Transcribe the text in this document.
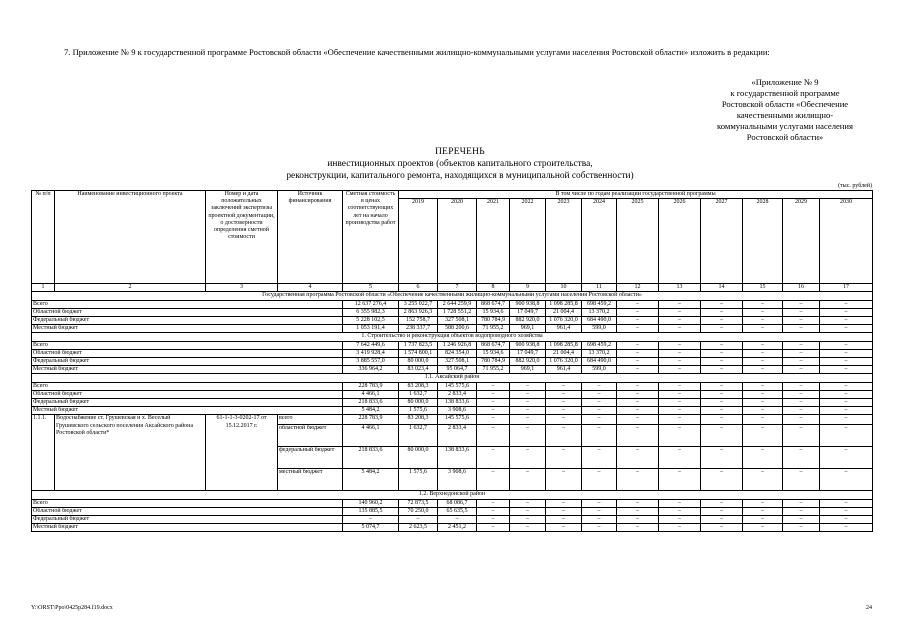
7. Приложение № 9 к государственной программе Ростовской области «Обеспечение качественными жилищно-коммунальными услугами населения Ростовской области» изложить в редакции:
«Приложение № 9
к государственной программе
Ростовской области «Обеспечение
качественными жилищно-
коммунальными услугами населения
Ростовской области»
ПЕРЕЧЕНЬ
инвестиционных проектов (объектов капитального строительства,
реконструкции, капитального ремонта, находящихся в муниципальной собственности)
(тыс. рублей)
№ п/п	Наименование инвестиционного проекта	Номер и дата положительных заключений экспертизы проектной документации, о достоверности определения сметной стоимости	Источник финансирования	Сметная стоимость в ценах соответствующих лет на начало производства работ	В том числе по годам реализации государственной программы											
					2019	2020	2021	2022	2023	2024	2025	2026	2027	2028	2029	2030
1	2	3	4	5	6	7	8	9	10	11	12	13	14	15	16	17
Государственная программа Ростовской области «Обеспечение качественными жилищно-коммунальными услугами населения Ростовской области»																
Всего				12 637 276,4	3 255 022,7	2 644 259,9	868 674,7	900 938,8	1 098 285,8	698 459,2	–	–	–	–	–	–
Областной бюджет				6 355 982,3	2 863 926,3	1 728 551,2	15 934,6	17 049,7	21 004,4	13 370,2	–	–	–	–	–	–
Федеральный бюджет				5 228 102,5	152 758,7	327 508,1	780 784,9	882 920,0	1 076 320,0	684 490,0	–	–	–	–	–	–
Местный бюджет				1 053 191,4	238 337,7	588 200,6	71 955,2	969,1	961,4	599,0	–	–	–	–	–	–
1. Строительство и реконструкция объектов водопроводного хозяйства																
Всего				7 642 449,6	1 737 823,5	1 246 926,8	868 674,7	900 938,8	1 098 285,8	698 459,2	–	–	–	–	–	–
Областной бюджет				3 419 928,4	1 574 800,1	824 354,0	15 934,6	17 049,7	21 004,4	13 370,2	–	–	–	–	–	–
Федеральный бюджет				3 885 557,0	80 000,0	327 508,1	780 784,9	882 920,0	1 076 320,0	684 490,0	–	–	–	–	–	–
Местный бюджет				336 964,2	83 023,4	95 064,7	71 955,2	969,1	961,4	599,0	–	–	–	–	–	–
1.1. Аксайский район																
Всего				228 783,9	83 208,3	145 575,6	–	–	–	–	–	–	–	–	–	–
Областной бюджет				4 466,1	1 632,7	2 833,4	–	–	–	–	–	–	–	–	–	–
Федеральный бюджет				218 833,6	80 000,0	138 833,6	–	–	–	–	–	–	–	–	–	–
Местный бюджет				5 484,2	1 575,6	3 908,6	–	–	–	–	–	–	–	–	–	–
1.1.1.	Водоснабжение ст. Грушевская и х. Веселый Грушевского сельского поселения Аксайского района Ростовской области*	61-1-1-3-0202-17 от 15.12.2017 г.	всего	228 783,9	83 208,3	145 575,6	–	–	–	–	–	–	–	–	–	–
			областной бюджет	4 466,1	1 632,7	2 833,4	–	–	–	–	–	–	–	–	–	–
			федеральный бюджет	218 833,6	80 000,0	138 833,6	–	–	–	–	–	–	–	–	–	–
			местный бюджет	5 484,2	1 575,6	3 908,6	–	–	–	–	–	–	–	–	–	–
1.2. Верхнедонской район																
Всего				140 960,2	72 873,5	68 086,7	–	–	–	–	–	–	–	–	–	–
Областной бюджет				135 885,5	70 250,0	65 635,5	–	–	–	–	–	–	–	–	–	–
Федеральный бюджет				–	–	–	–	–	–	–	–	–	–	–	–	–
Местный бюджет				5 074,7	2 623,5	2 451,2	–	–	–	–	–	–	–	–	–	–
Y:\ORST\Ppo\0425p284.f19.docx	24
